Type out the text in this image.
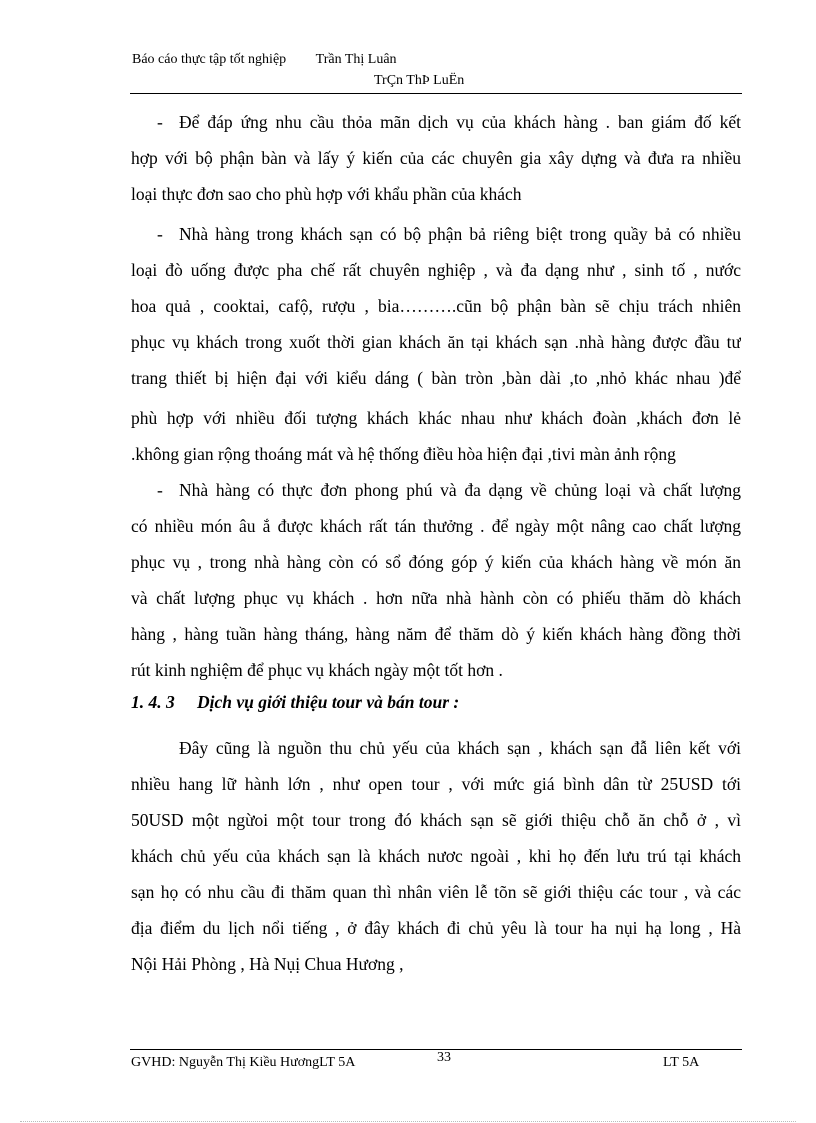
Báo cáo thực tập tốt nghiệp Trần Thị Luân
TrÇn ThÞ LuËn
- Để đáp ứng nhu cầu thỏa mãn dịch vụ của khách hàng . ban giám đố kết
hợp với bộ phận bàn và lấy ý kiến của các chuyên gia xây dựng và đưa ra nhiều
loại thực đơn sao cho phù hợp với khẩu phần của khách
- Nhà hàng trong khách sạn có bộ phận bả riêng biệt trong quầy bả có nhiều
loại đò uống được pha chế rất chuyên nghiệp , và đa dạng như , sinh tố , nước
hoa quả , cooktai, cafộ, rượu , bia……….cũn bộ phận bàn sẽ chịu trách nhiên
phục vụ khách trong xuốt thời gian khách ăn tại khách sạn .nhà hàng được đầu tư
trang thiết bị hiện đại với kiểu dáng ( bàn tròn ,bàn dài ,to ,nhỏ khác nhau )để
phù hợp với nhiều đối tượng khách khác nhau như khách đoàn ,khách đơn lẻ
.không gian rộng thoáng mát và hệ thống điều hòa hiện đại ,tivi màn ảnh rộng
- Nhà hàng có thực đơn phong phú và đa dạng về chủng loại và chất lượng
có nhiều món âu ắ được khách rất tán thưởng . để ngày một nâng cao chất lượng
phục vụ , trong nhà hàng còn có sổ đóng góp ý kiến của khách hàng về món ăn
và chất lượng phục vụ khách . hơn nữa nhà hành còn có phiếu thăm dò khách
hàng , hàng tuần hàng tháng, hàng năm để thăm dò ý kiến khách hàng đồng thời
rút kinh nghiệm để phục vụ khách ngày một tốt hơn .
1. 4. 3 Dịch vụ giới thiệu tour và bán tour :
Đây cũng là nguồn thu chủ yếu của khách sạn , khách sạn đẫ liên kết với
nhiều hang lữ hành lớn , như open tour , với mức giá bình dân từ 25USD tới
50USD một ngừoi một tour trong đó khách sạn sẽ giới thiệu chỗ ăn chỗ ở , vì
khách chủ yếu của khách sạn là khách nươc ngoài , khi họ đến lưu trú tại khách
sạn họ có nhu cầu đi thăm quan thì nhân viên lễ tõn sẽ giới thiệu các tour , và các
địa điểm du lịch nổi tiếng , ở đây khách đi chủ yêu là tour ha nụi hạ long , Hà
Nội Hải Phòng , Hà Nụị Chua Hương ,
GVHD: Nguyễn Thị Kiều HươngLT 5A	33	LT 5A
